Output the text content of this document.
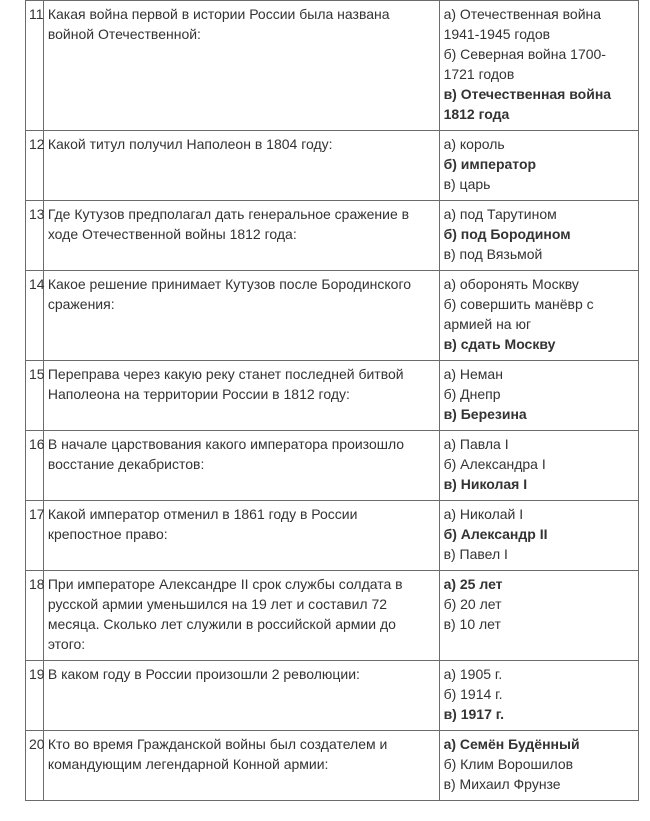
11	Какая война первой в истории России была названа войной Отечественной:	а) Отечественная война 1941-1945 годов
б) Северная война 1700-1721 годов
в) Отечественная война 1812 года

12	Какой титул получил Наполеон в 1804 году:	а) король
б) император
в) царь

13	Где Кутузов предполагал дать генеральное сражение в ходе Отечественной войны 1812 года:	а) под Тарутином
б) под Бородином
в) под Вязьмой

14	Какое решение принимает Кутузов после Бородинского сражения:	а) оборонять Москву
б) совершить манёвр с армией на юг
в) сдать Москву

15	Переправа через какую реку станет последней битвой Наполеона на территории России в 1812 году:	а) Неман
б) Днепр
в) Березина

16	В начале царствования какого императора произошло восстание декабристов:	а) Павла I
б) Александра I
в) Николая I

17	Какой император отменил в 1861 году в России крепостное право:	а) Николай I
б) Александр II
в) Павел I

18	При императоре Александре II срок службы солдата в русской армии уменьшился на 19 лет и составил 72 месяца. Сколько лет служили в российской армии до этого:	а) 25 лет
б) 20 лет
в) 10 лет

19	В каком году в России произошли 2 революции:	а) 1905 г.
б) 1914 г.
в) 1917 г.

20	Кто во время Гражданской войны был создателем и командующим легендарной Конной армии:	а) Семён Будённый
б) Клим Ворошилов
в) Михаил Фрунзе
